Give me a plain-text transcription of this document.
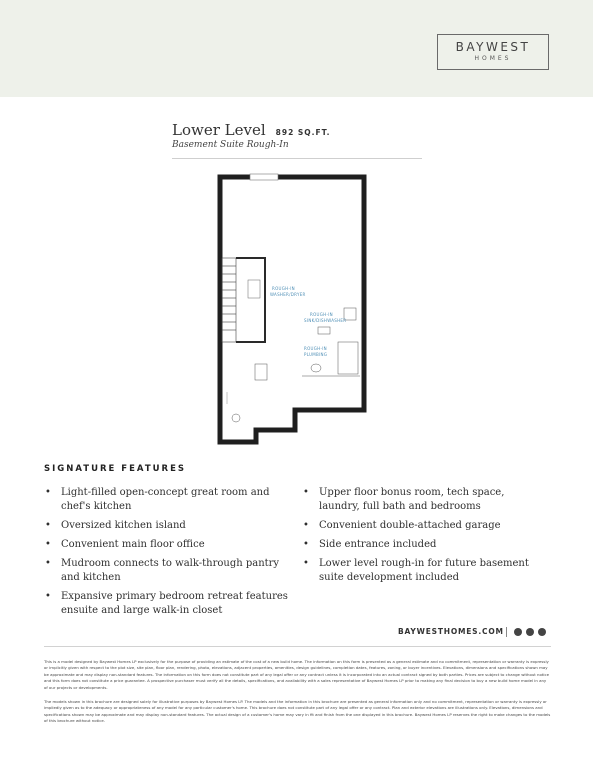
BAYWEST
HOMES
Lower Level 892 SQ.FT.
Basement Suite Rough-In
ROUGH-IN
WASHER/DRYER
ROUGH-IN
SINK/DISHWASHER
ROUGH-IN
PLUMBING
SIGNATURE FEATURES
• Light-filled open-concept great room and chef's kitchen
• Oversized kitchen island
• Convenient main floor office
• Mudroom connects to walk-through pantry and kitchen
• Expansive primary bedroom retreat features ensuite and large walk-in closet
• Upper floor bonus room, tech space, laundry, full bath and bedrooms
• Convenient double-attached garage
• Side entrance included
• Lower level rough-in for future basement suite development included
BAYWESTHOMES.COM
This is a model designed by Baywest Homes LP exclusively for the purpose of providing an estimate of the cost of a new build home. The information on this form is presented as a general estimate and no commitment, representation or warranty is expressly or implicitly given with respect to the plot size, site plan, floor plan, rendering, photo, elevations, adjacent properties, amenities, design guidelines, completion dates, features, zoning, or buyer incentives. Elevations, dimensions and specifications shown may be approximate and may display non-standard features. The information on this form does not constitute part of any legal offer or any contract unless it is incorporated into an actual contract signed by both parties. Prices are subject to change without notice and this form does not constitute a price guarantee. A prospective purchaser must verify all the details, specifications, and availability with a sales representative of Baywest Homes LP prior to making any final decision to buy a new build home model in any of our projects or developments.
The models shown in this brochure are designed solely for illustrative purposes by Baywest Homes LP. The models and the information in this brochure are presented as general information only and no commitment, representation or warranty is expressly or impliedly given as to the adequacy or appropriateness of any model for any particular customer's home. This brochure does not constitute part of any legal offer or any contract. Plan and exterior elevations are illustrations only. Elevations, dimensions and specifications shown may be approximate and may display non-standard features. The actual design of a customer's home may vary in fit and finish from the one displayed in this brochure. Baywest Homes LP reserves the right to make changes to the models of this brochure without notice.
